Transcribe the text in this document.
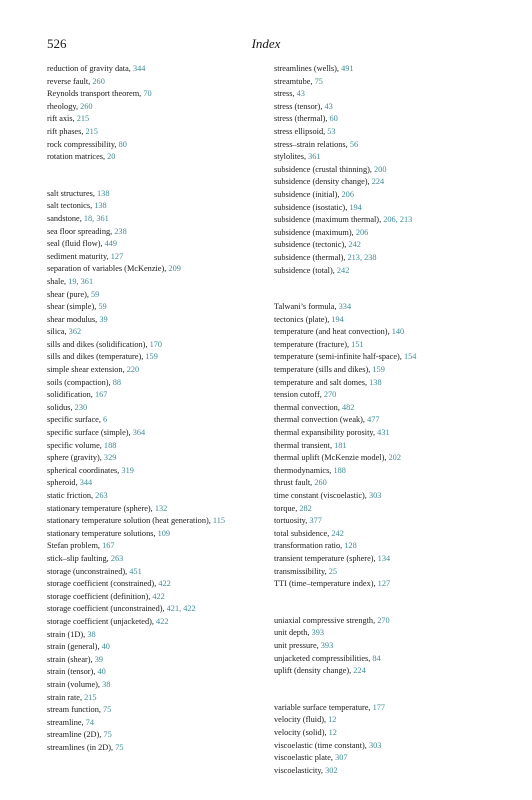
526	Index
reduction of gravity data, 344
reverse fault, 260
Reynolds transport theorem, 70
rheology, 260
rift axis, 215
rift phases, 215
rock compressibility, 80
rotation matrices, 20
salt structures, 138
salt tectonics, 138
sandstone, 18, 361
sea floor spreading, 238
seal (fluid flow), 449
sediment maturity, 127
separation of variables (McKenzie), 209
shale, 19, 361
shear (pure), 59
shear (simple), 59
shear modulus, 39
silica, 362
sills and dikes (solidification), 170
sills and dikes (temperature), 159
simple shear extension, 220
soils (compaction), 88
solidification, 167
solidus, 230
specific surface, 6
specific surface (simple), 364
specific volume, 188
sphere (gravity), 329
spherical coordinates, 319
spheroid, 344
static friction, 263
stationary temperature (sphere), 132
stationary temperature solution (heat generation), 115
stationary temperature solutions, 109
Stefan problem, 167
stick–slip faulting, 263
storage (unconstrained), 451
storage coefficient (constrained), 422
storage coefficient (definition), 422
storage coefficient (unconstrained), 421, 422
storage coefficient (unjacketed), 422
strain (1D), 38
strain (general), 40
strain (shear), 39
strain (tensor), 40
strain (volume), 38
strain rate, 215
stream function, 75
streamline, 74
streamline (2D), 75
streamlines (in 2D), 75
streamlines (wells), 491
streamtube, 75
stress, 43
stress (tensor), 43
stress (thermal), 60
stress ellipsoid, 53
stress–strain relations, 56
stylolites, 361
subsidence (crustal thinning), 200
subsidence (density change), 224
subsidence (initial), 206
subsidence (isostatic), 194
subsidence (maximum thermal), 206, 213
subsidence (maximum), 206
subsidence (tectonic), 242
subsidence (thermal), 213, 238
subsidence (total), 242
Talwani’s formula, 334
tectonics (plate), 194
temperature (and heat convection), 140
temperature (fracture), 151
temperature (semi-infinite half-space), 154
temperature (sills and dikes), 159
temperature and salt domes, 138
tension cutoff, 270
thermal convection, 482
thermal convection (weak), 477
thermal expansibility porosity, 431
thermal transient, 181
thermal uplift (McKenzie model), 202
thermodynamics, 188
thrust fault, 260
time constant (viscoelastic), 303
torque, 282
tortuosity, 377
total subsidence, 242
transformation ratio, 128
transient temperature (sphere), 134
transmissibility, 25
TTI (time–temperature index), 127
uniaxial compressive strength, 270
unit depth, 393
unit pressure, 393
unjacketed compressibilities, 84
uplift (density change), 224
variable surface temperature, 177
velocity (fluid), 12
velocity (solid), 12
viscoelastic (time constant), 303
viscoelastic plate, 307
viscoelasticity, 302
